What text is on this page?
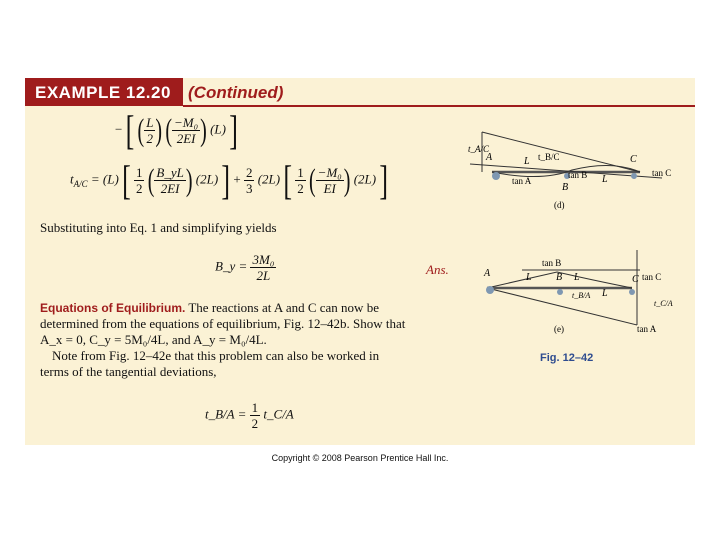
EXAMPLE 12.20 (Continued)
− [ ( $\frac{L}{2}$ ) ( $\frac{\text{−M₀}}{2EI}$ ) (L) ]
$t_{A/C} = (L)$ [ $\frac{1}{2}$ ( $\frac{B\_yL}{2EI}$ ) (2L) ] + $\frac{2}{3} (2L)$ [ $\frac{1}{2}$ ( $\frac{\text{−M₀}}{EI}$ ) (2L) ]
Substituting into Eq. 1 and simplifying yields
B_y = $\frac{\text{3M₀}}{2L}$	Ans.
Equations of Equilibrium. The reactions at A and C can now be
determined from the equations of equilibrium, Fig. 12–42b. Show that
A_x = 0, C_y = 5M₀/4L, and A_y = M₀/4L.
Note from Fig. 12–42e that this problem can also be worked in
terms of the tangential deviations,
t_B/A = $\frac{1}{2}$ t_C/A
t_A/C
A	t_B/C
B
C
L
L
tan A
tan B	tan C
(d)
A	B	C
L	L
L
tan B
tan C
tan A
t_B/A
t_C/A
(e)
Fig. 12–42
Copyright © 2008 Pearson Prentice Hall Inc.
